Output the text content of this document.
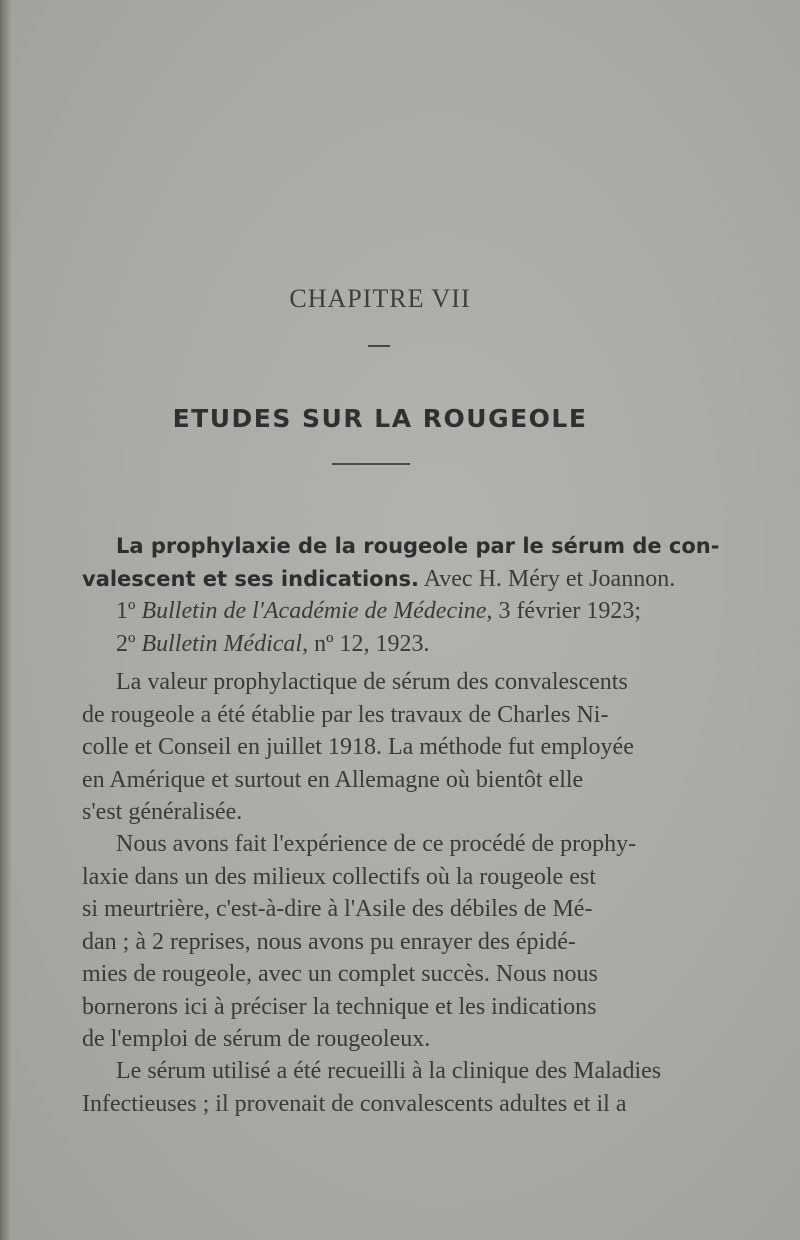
CHAPITRE VII
ETUDES SUR LA ROUGEOLE
La prophylaxie de la rougeole par le sérum de con-
valescent et ses indications. Avec H. Méry et Joannon.
1º Bulletin de l'Académie de Médecine, 3 février 1923;
2º Bulletin Médical, nº 12, 1923.
La valeur prophylactique de sérum des convalescents
de rougeole a été établie par les travaux de Charles Ni-
colle et Conseil en juillet 1918. La méthode fut employée
en Amérique et surtout en Allemagne où bientôt elle
s'est généralisée.
Nous avons fait l'expérience de ce procédé de prophy-
laxie dans un des milieux collectifs où la rougeole est
si meurtrière, c'est-à-dire à l'Asile des débiles de Mé-
dan ; à 2 reprises, nous avons pu enrayer des épidé-
mies de rougeole, avec un complet succès. Nous nous
bornerons ici à préciser la technique et les indications
de l'emploi de sérum de rougeoleux.
Le sérum utilisé a été recueilli à la clinique des Maladies
Infectieuses ; il provenait de convalescents adultes et il a
